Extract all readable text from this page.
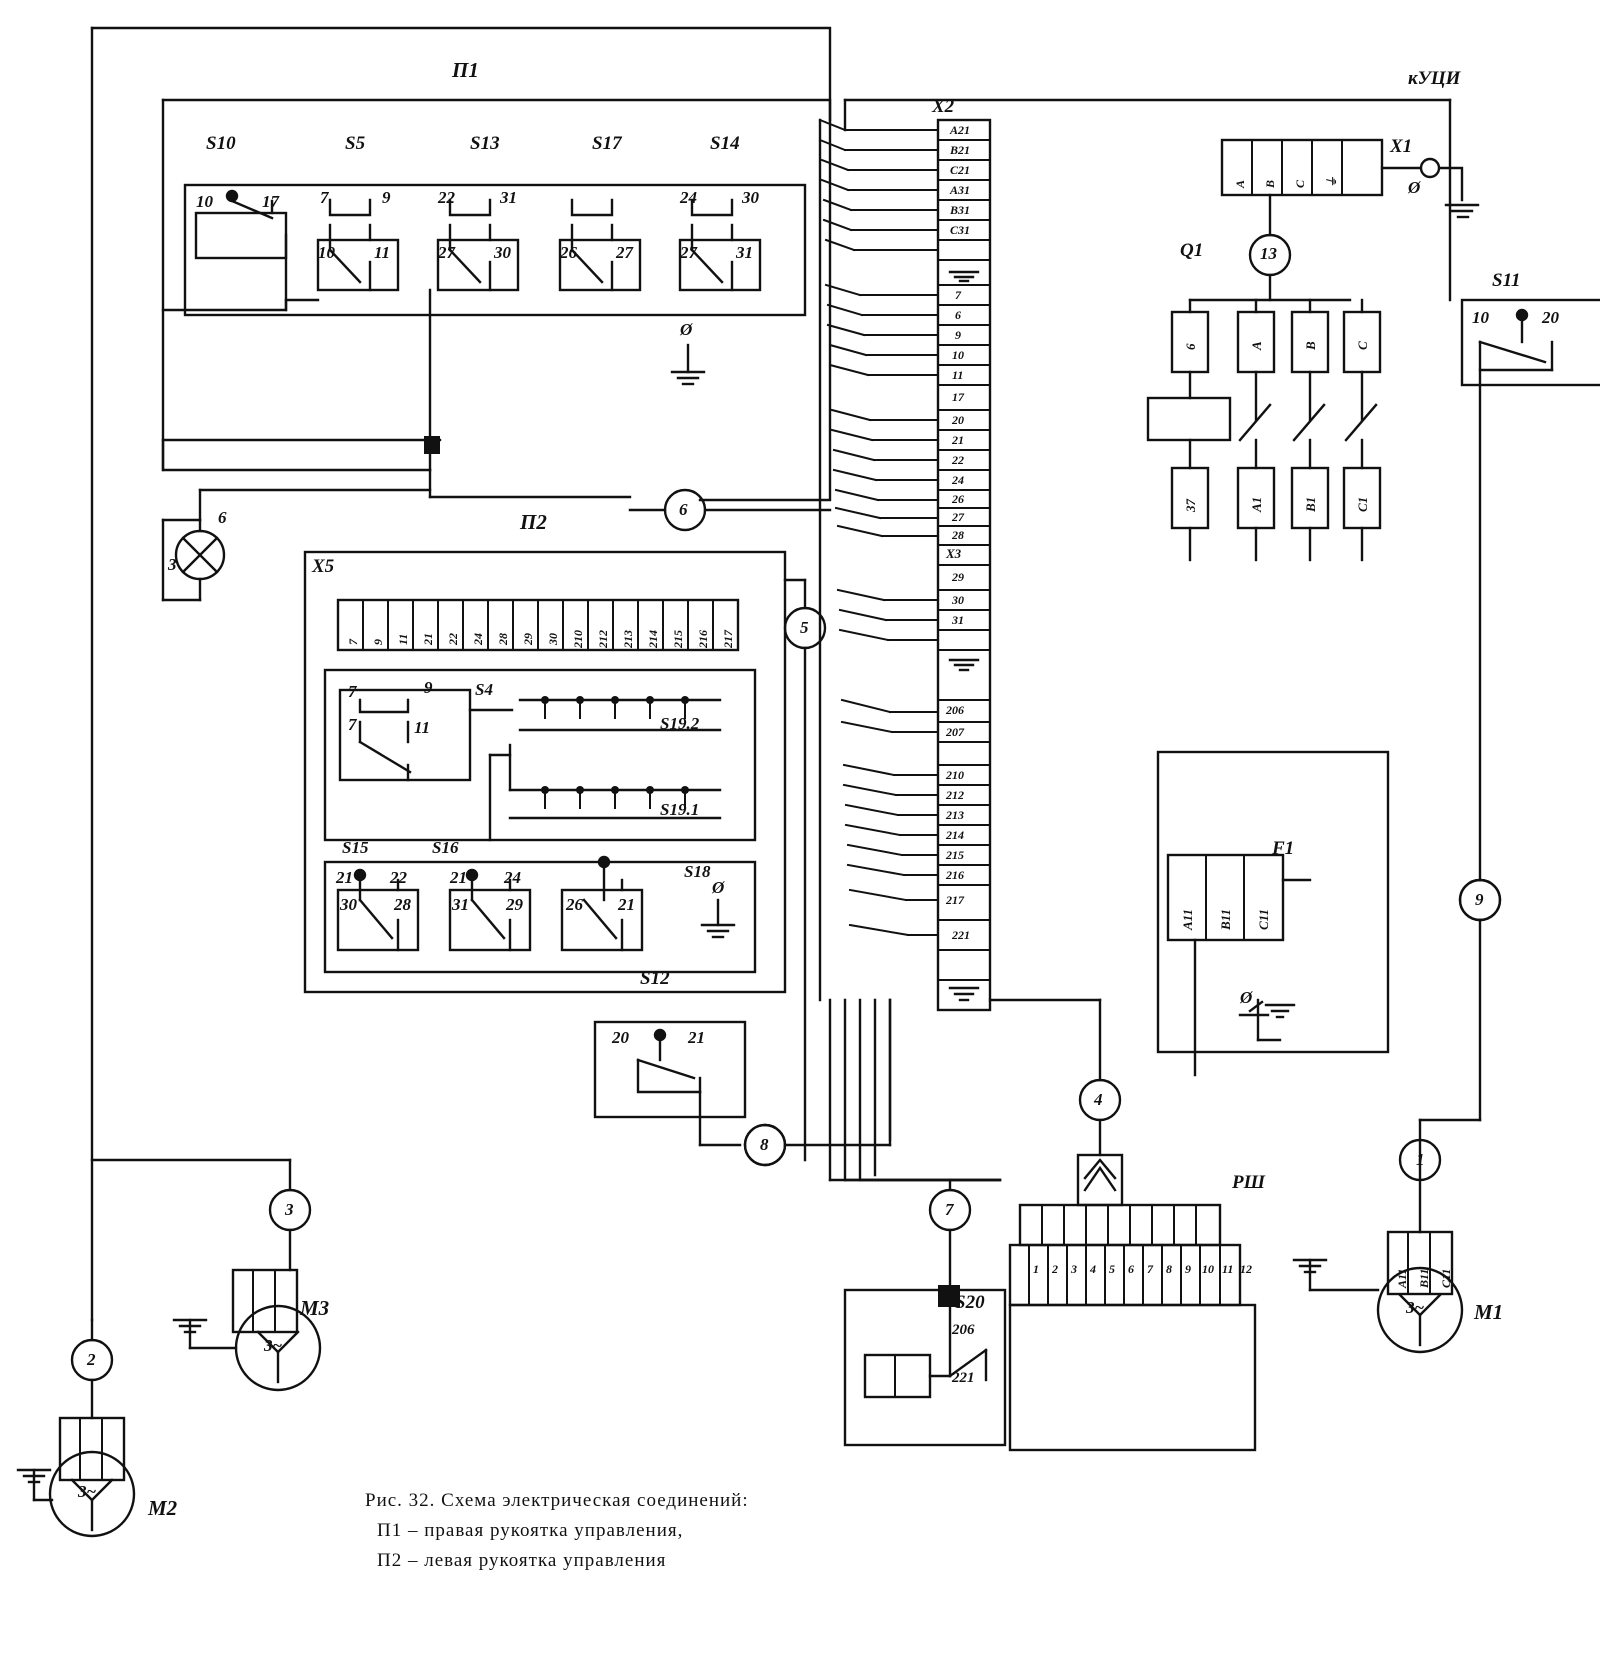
П1
S10	S5	S13	S17	S14
10	17 7	9
10 11
22	31
27 30	26 27
24	30
27 31
Ø
6
6
3
П2
X5
7 9 11 21 22 24 28 29 30 210 212 213 214 215 216 217
7	9
7	11
S4
S19.2
S19.1
S15	S16
S18
21 22
30 28
21 24
31 29	26 21
Ø
S12
20	21
X2
A21
B21
C21
A31
B31
C31
7
6
9
10
11
17
20
21
22
24
26
27
28
X3
29
30
31
206
207
210
212
213
214
215
216
217
221
X1
A B C ⏚	Ø
Q1	13
6	A	B	C
37	A1	B1	C1
кУЦИ
F1
A11 B11 C11
Ø
S11
10	20
S20
206
221
РШ
1 2 3 4 5 6 7 8 9 10 11 12
5
8
7
4
9
1
2
3
3~
M2
3~
M3	3~ M1
A11 B11 C11
Рис. 32. Схема электрическая соединений:
П1 – правая рукоятка управления,
П2 – левая рукоятка управления
